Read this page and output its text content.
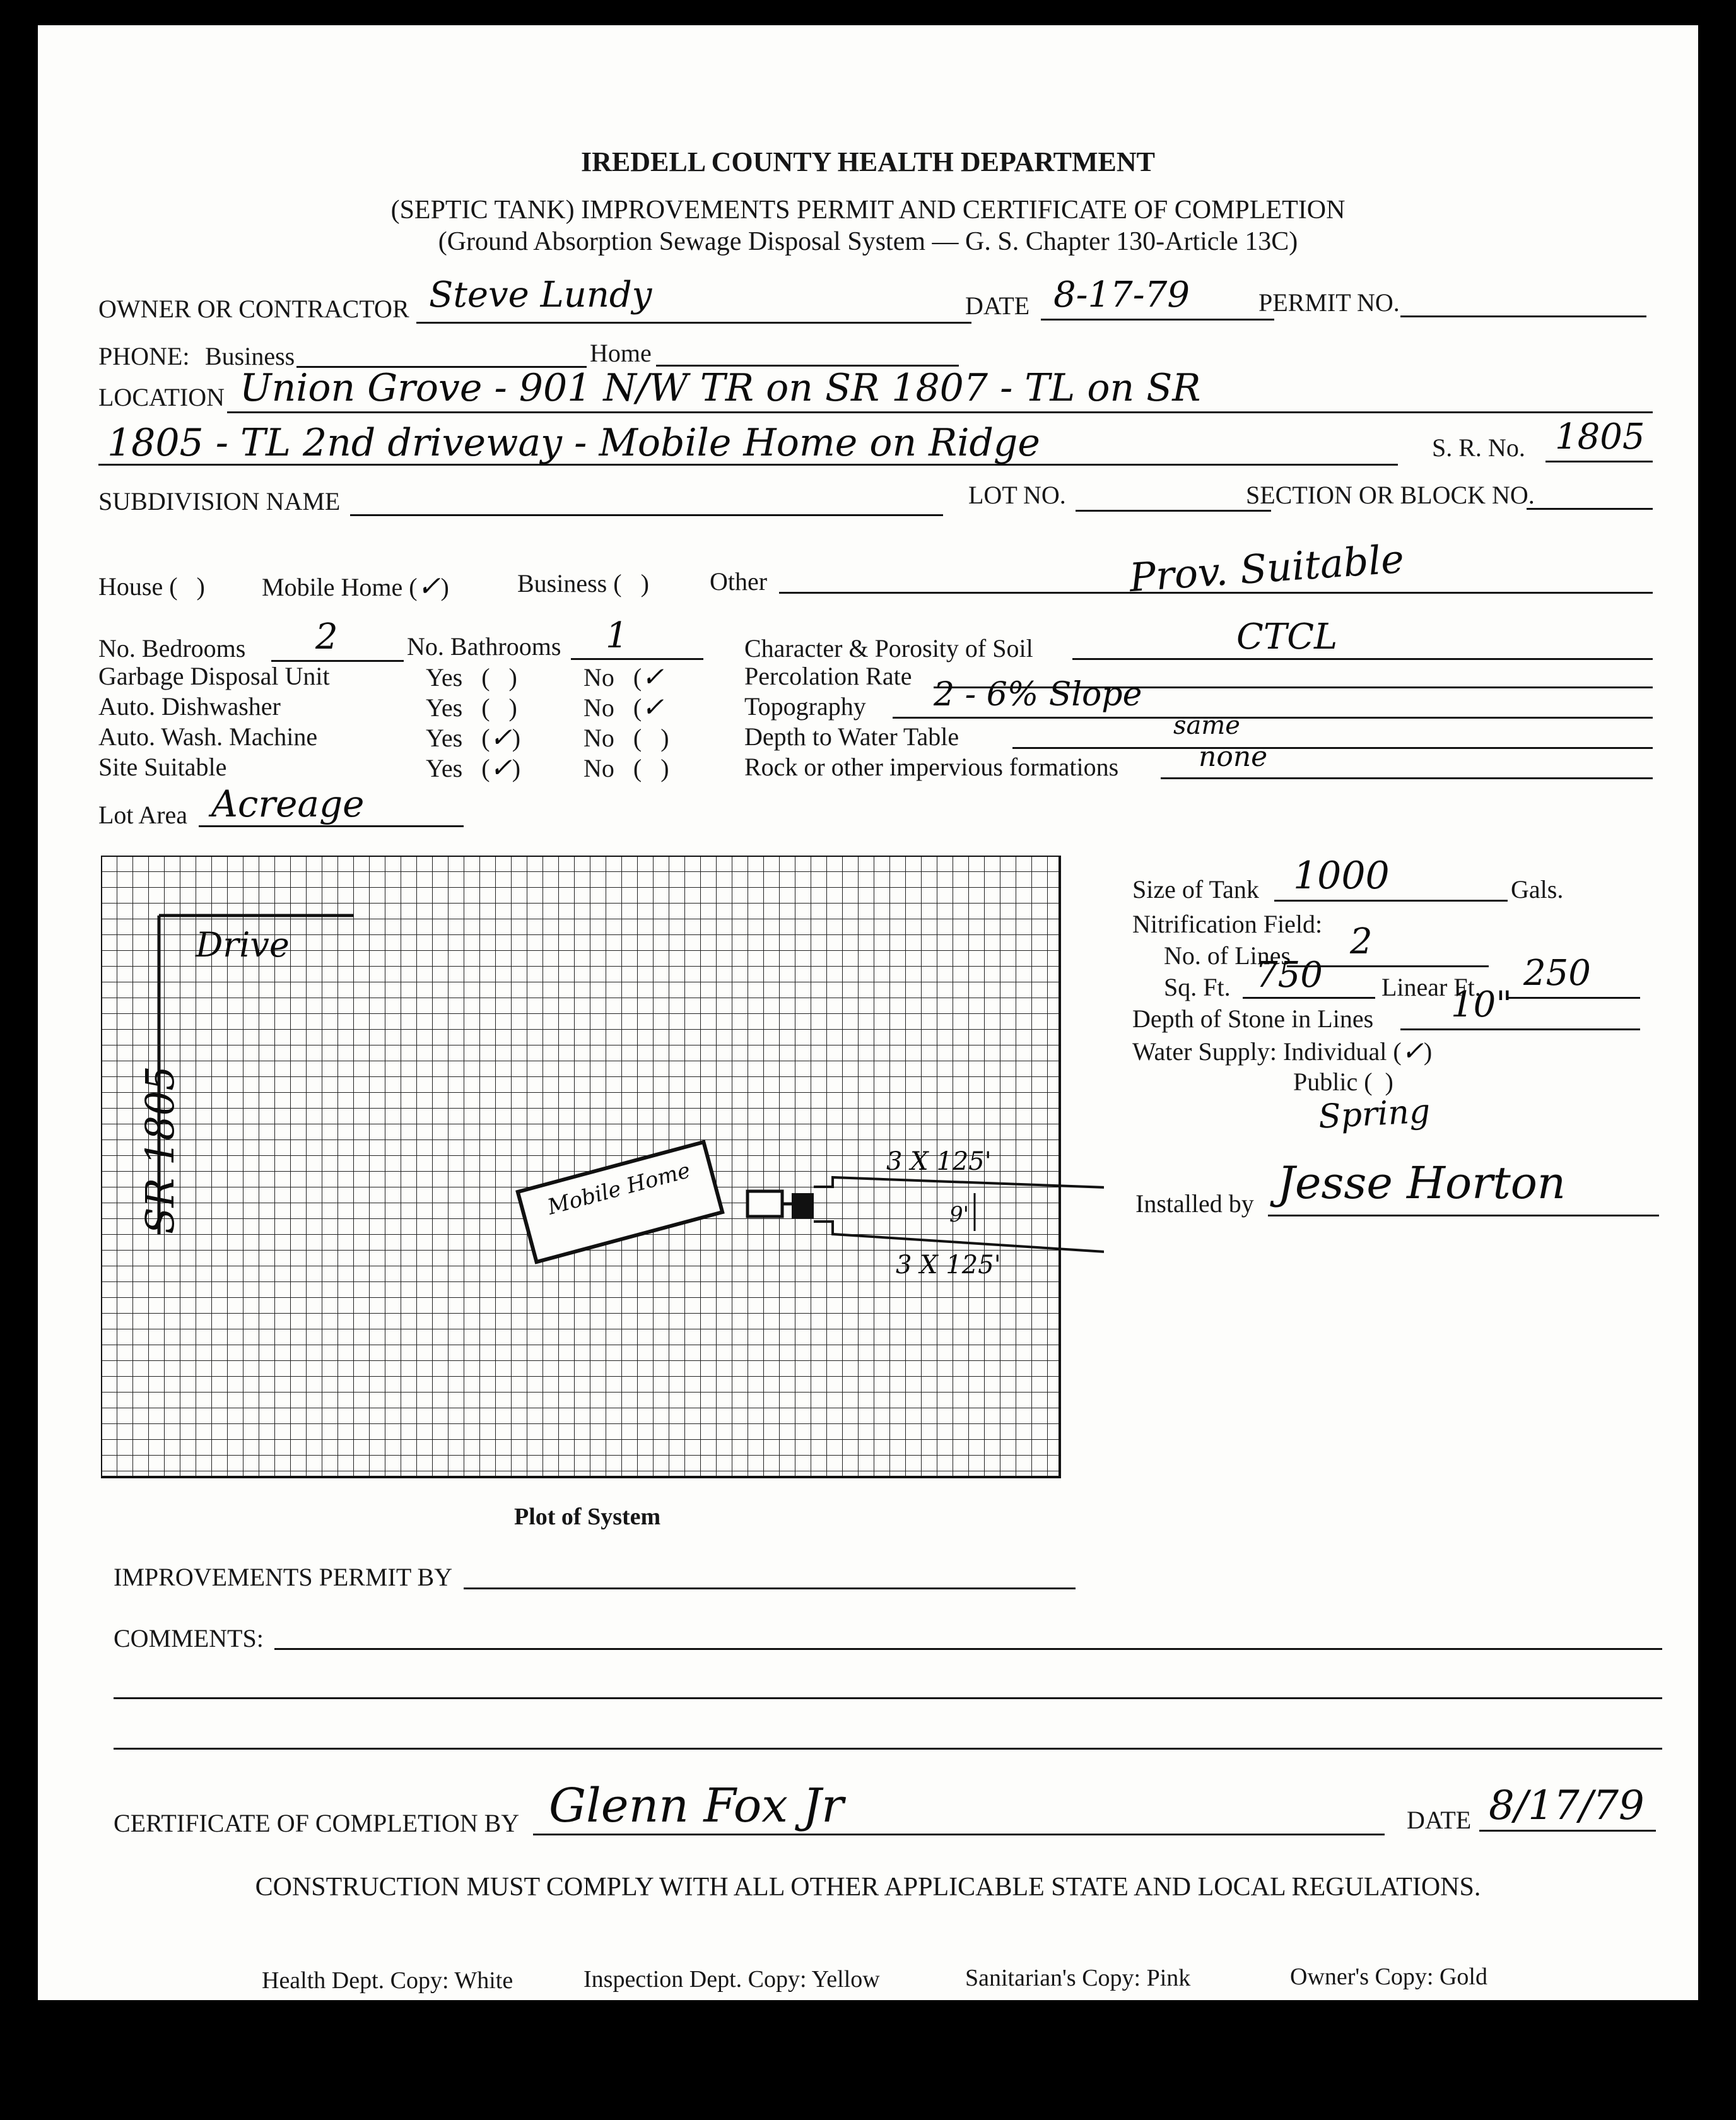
IREDELL COUNTY HEALTH DEPARTMENT
(SEPTIC TANK) IMPROVEMENTS PERMIT AND CERTIFICATE OF COMPLETION
(Ground Absorption Sewage Disposal System — G. S. Chapter 130-Article 13C)
OWNER OR CONTRACTOR Steve Lundy	DATE 8-17-79	PERMIT NO.
PHONE: Business	Home
LOCATION Union Grove - 901 N/W TR on SR 1807 - TL on SR
1805 - TL 2nd driveway - Mobile Home on Ridge	S. R. No. 1805
SUBDIVISION NAME	LOT NO.	SECTION OR BLOCK NO.
House ( ) Mobile Home (✓)	Business ( ) Other	Prov. Suitable
No. Bedrooms 2	No. Bathrooms 1
Garbage Disposal Unit	Yes   (   )	No   (✓
Auto. Dishwasher	Yes   (   )	No   (✓
Auto. Wash. Machine	Yes   (✓) No   (   )
Site Suitable	Yes   (✓) No   (   )
Character & Porosity of Soil	CTCL
Percolation Rate
Topography 2 - 6% Slope
Depth to Water Table	same
Rock or other impervious formations	none
Lot Area Acreage
Drive
SR 1805	Mobile Home	3 X 125'
9'
3 X 125'
Plot of System
Size of Tank 1000	Gals.
Nitrification Field:
No. of Lines 2
Sq. Ft. 750 Linear Ft. 250
Depth of Stone in Lines 10"
Water Supply: Individual (✓)
Public ( )
Spring
Installed by Jesse Horton
IMPROVEMENTS PERMIT BY
COMMENTS:
CERTIFICATE OF COMPLETION BY Glenn Fox Jr	DATE 8/17/79
CONSTRUCTION MUST COMPLY WITH ALL OTHER APPLICABLE STATE AND LOCAL REGULATIONS.
Health Dept. Copy: White	Inspection Dept. Copy: Yellow	Sanitarian's Copy: Pink	Owner's Copy: Gold
